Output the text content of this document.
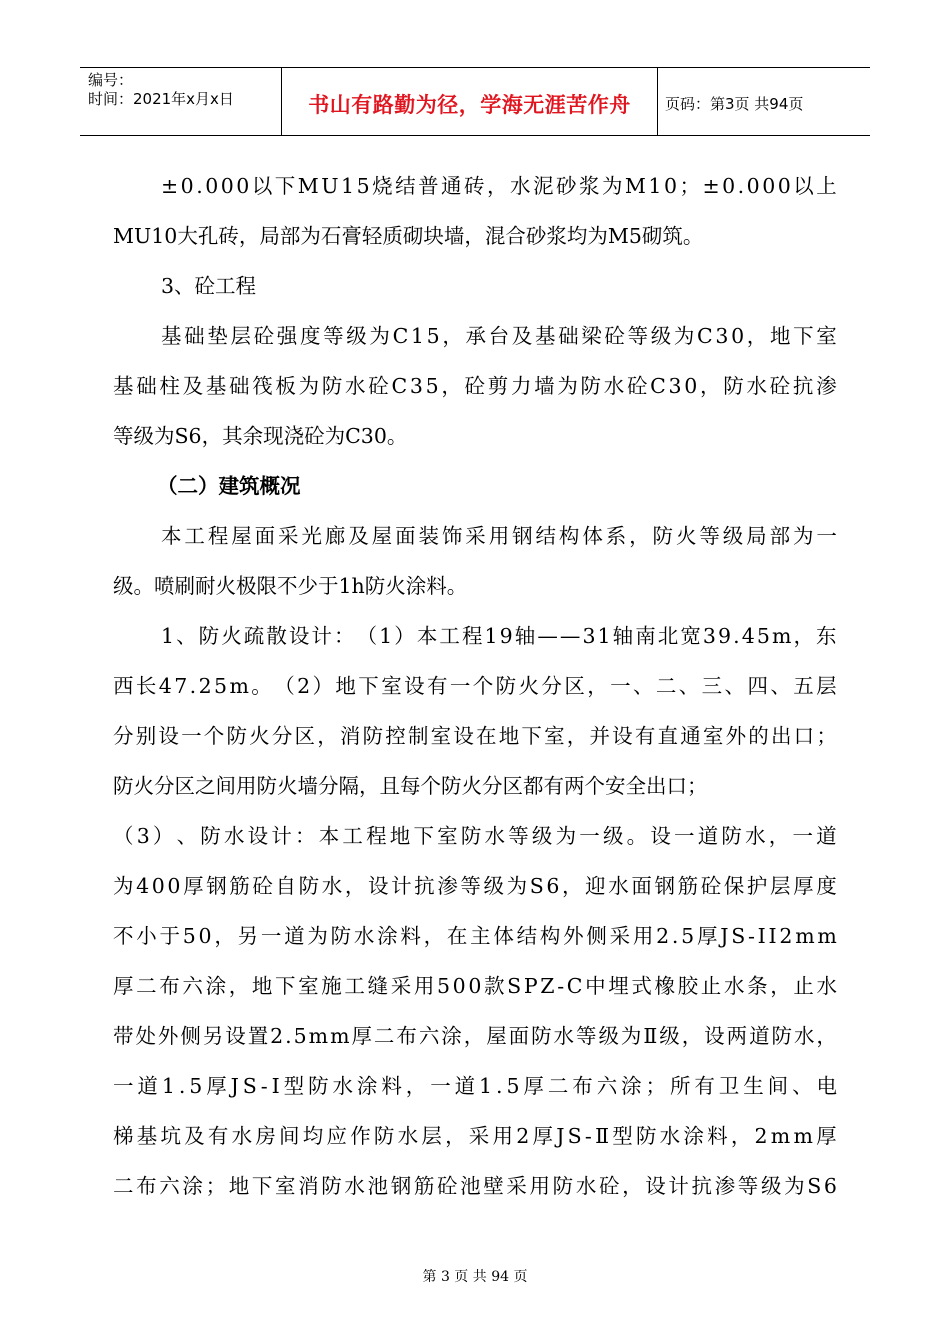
编号：
时间：2021年x月x日	书山有路勤为径，学海无涯苦作舟 页码：第3页 共94页
± 0 . 0 0 0 以 下 M U 1 5 烧 结 普 通 砖 ， 水 泥 砂 浆 为 M 1 0 ； ± 0 . 0 0 0 以 上
MU10大孔砖，局部为石膏轻质砌块墙，混合砂浆均为M5砌筑。
3、砼工程
基 础 垫 层 砼 强 度 等 级 为 C 1 5 ， 承 台 及 基 础 梁 砼 等 级 为 C 3 0 ， 地 下 室
基 础 柱 及 基 础 筏 板 为 防 水 砼 C 3 5 ， 砼 剪 力 墙 为 防 水 砼 C 3 0 ， 防 水 砼 抗 渗
等级为S6，其余现浇砼为C30。
（二）建筑概况
本 工 程 屋 面 采 光 廊 及 屋 面 装 饰 采 用 钢 结 构 体 系 ， 防 火 等 级 局 部 为 一
级。喷刷耐火极限不少于1h防火涂料。
1 、 防 火 疏 散 设 计 ： （ 1 ） 本 工 程 1 9 轴 — — 3 1 轴 南 北 宽 3 9 . 4 5 m ， 东
西 长 4 7 . 2 5 m 。 （ 2 ） 地 下 室 设 有 一 个 防 火 分 区 ， 一 、 二 、 三 、 四 、 五 层
分 别 设 一 个 防 火 分 区 ， 消 防 控 制 室 设 在 地 下 室 ， 并 设 有 直 通 室 外 的 出 口 ；
防火分区之间用防火墙分隔，且每个防火分区都有两个安全出口；
（ 3 ） 、 防 水 设 计 ： 本 工 程 地 下 室 防 水 等 级 为 一 级 。 设 一 道 防 水 ， 一 道
为 4 0 0 厚 钢 筋 砼 自 防 水 ， 设 计 抗 渗 等 级 为 S 6 ， 迎 水 面 钢 筋 砼 保 护 层 厚 度
不 小 于 5 0 ， 另 一 道 为 防 水 涂 料 ， 在 主 体 结 构 外 侧 采 用 2 . 5 厚 J S - I I 2 m m
厚 二 布 六 涂 ， 地 下 室 施 工 缝 采 用 5 0 0 款 S P Z - C 中 埋 式 橡 胶 止 水 条 ， 止 水
带 处 外 侧 另 设 置 2 . 5 m m 厚 二 布 六 涂 ， 屋 面 防 水 等 级 为 Ⅱ 级 ， 设 两 道 防 水 ，
一 道 1 . 5 厚 J S - Ⅰ 型 防 水 涂 料 ， 一 道 1 . 5 厚 二 布 六 涂 ； 所 有 卫 生 间 、 电
梯 基 坑 及 有 水 房 间 均 应 作 防 水 层 ， 采 用 2 厚 J S - Ⅱ 型 防 水 涂 料 ， 2 m m 厚
二 布 六 涂 ； 地 下 室 消 防 水 池 钢 筋 砼 池 壁 采 用 防 水 砼 ， 设 计 抗 渗 等 级 为 S 6
第 3 页 共 94 页
